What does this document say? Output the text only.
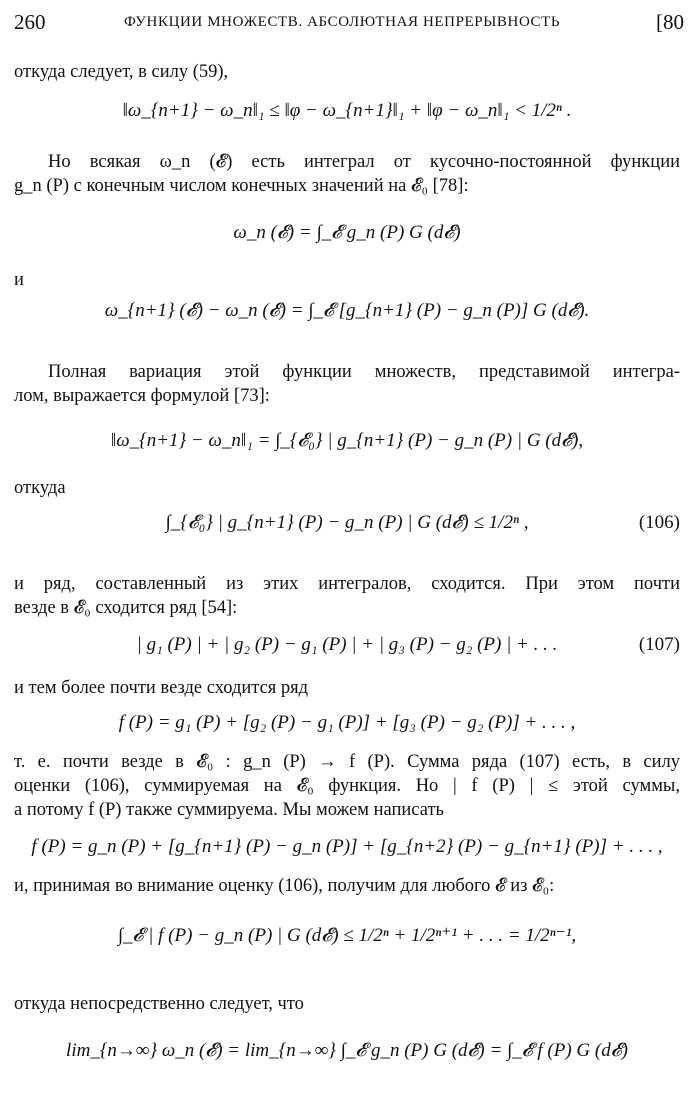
260	ФУНКЦИИ МНОЖЕСТВ. АБСОЛЮТНАЯ НЕПРЕРЫВНОСТЬ	[80
откуда следует, в силу (59),
‖ω_{n+1} − ω_n‖₁ ≤ ‖φ − ω_{n+1}‖₁ + ‖φ − ω_n‖₁ < 1/2ⁿ .
Но всякая ω_n (𝓔) есть интеграл от кусочно-постоянной функции
g_n (P) с конечным числом конечных значений на 𝓔₀ [78]:
ω_n (𝓔) = ∫_𝓔 g_n (P) G (d𝓔)
и
ω_{n+1} (𝓔) − ω_n (𝓔) = ∫_𝓔 [g_{n+1} (P) − g_n (P)] G (d𝓔).
Полная вариация этой функции множеств, представимой интегра-
лом, выражается формулой [73]:
‖ω_{n+1} − ω_n‖₁ = ∫_{𝓔₀} | g_{n+1} (P) − g_n (P) | G (d𝓔),
откуда
∫_{𝓔₀} | g_{n+1} (P) − g_n (P) | G (d𝓔) ≤ 1/2ⁿ ,	(106)
и ряд, составленный из этих интегралов, сходится. При этом почти
везде в 𝓔₀ сходится ряд [54]:
| g₁ (P) | + | g₂ (P) − g₁ (P) | + | g₃ (P) − g₂ (P) | + . . .	(107)
и тем более почти везде сходится ряд
f (P) = g₁ (P) + [g₂ (P) − g₁ (P)] + [g₃ (P) − g₂ (P)] + . . . ,
т. е. почти везде в 𝓔₀ : g_n (P) → f (P). Сумма ряда (107) есть, в силу
оценки (106), суммируемая на 𝓔₀ функция. Но | f (P) | ≤ этой суммы,
а потому f (P) также суммируема. Мы можем написать
f (P) = g_n (P) + [g_{n+1} (P) − g_n (P)] + [g_{n+2} (P) − g_{n+1} (P)] + . . . ,
и, принимая во внимание оценку (106), получим для любого 𝓔 из 𝓔₀:
∫_𝓔 | f (P) − g_n (P) | G (d𝓔) ≤ 1/2ⁿ + 1/2ⁿ⁺¹ + . . . = 1/2ⁿ⁻¹,
откуда непосредственно следует, что
lim_{n→∞} ω_n (𝓔) = lim_{n→∞} ∫_𝓔 g_n (P) G (d𝓔) = ∫_𝓔 f (P) G (d𝓔)
